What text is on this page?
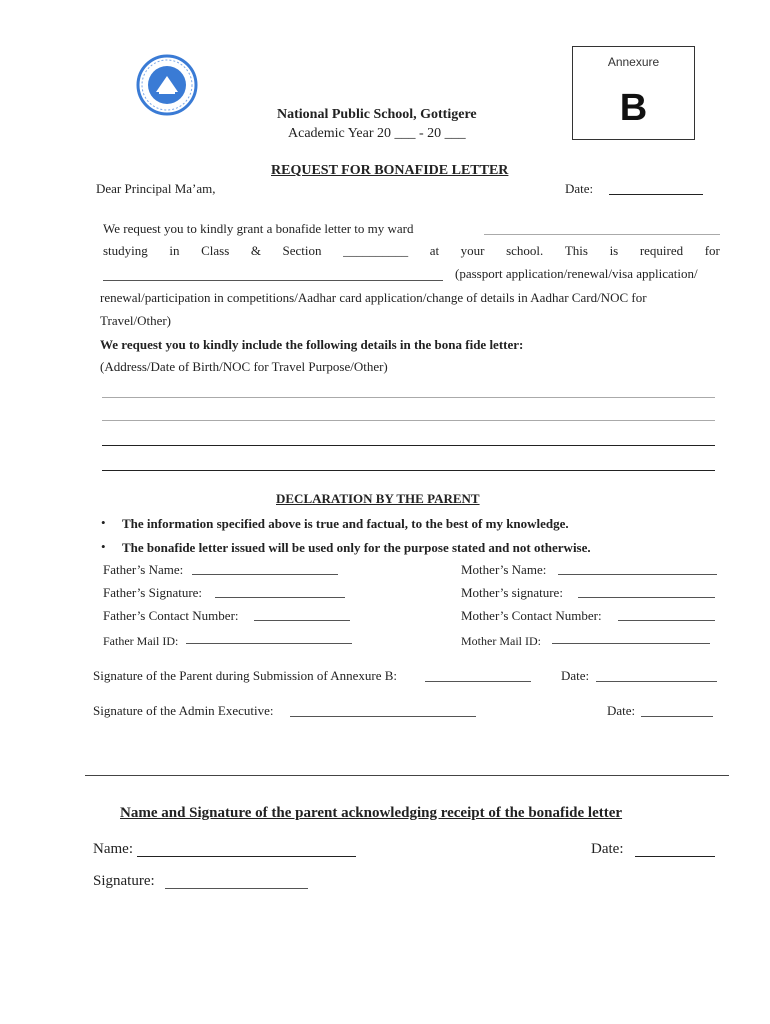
Annexure
B
National Public School, Gottigere
Academic Year 20 ___ - 20 ___
REQUEST FOR BONAFIDE LETTER
Dear Principal Ma’am,	Date:
We request you to kindly grant a bonafide letter to my ward
studying in Class & Section __________ at your school. This is required for
(passport application/renewal/visa application/
renewal/participation in competitions/Aadhar card application/change of details in Aadhar Card/NOC for
Travel/Other)
We request you to kindly include the following details in the bona fide letter:
(Address/Date of Birth/NOC for Travel Purpose/Other)
DECLARATION BY THE PARENT
• The information specified above is true and factual, to the best of my knowledge.
• The bonafide letter issued will be used only for the purpose stated and not otherwise.
Father’s Name:	Mother’s Name:
Father’s Signature:	Mother’s signature:
Father’s Contact Number:	Mother’s Contact Number:
Father Mail ID:	Mother Mail ID:
Signature of the Parent during Submission of Annexure B:	Date:
Signature of the Admin Executive:	Date:
Name and Signature of the parent acknowledging receipt of the bonafide letter
Name:	Date:
Signature:
